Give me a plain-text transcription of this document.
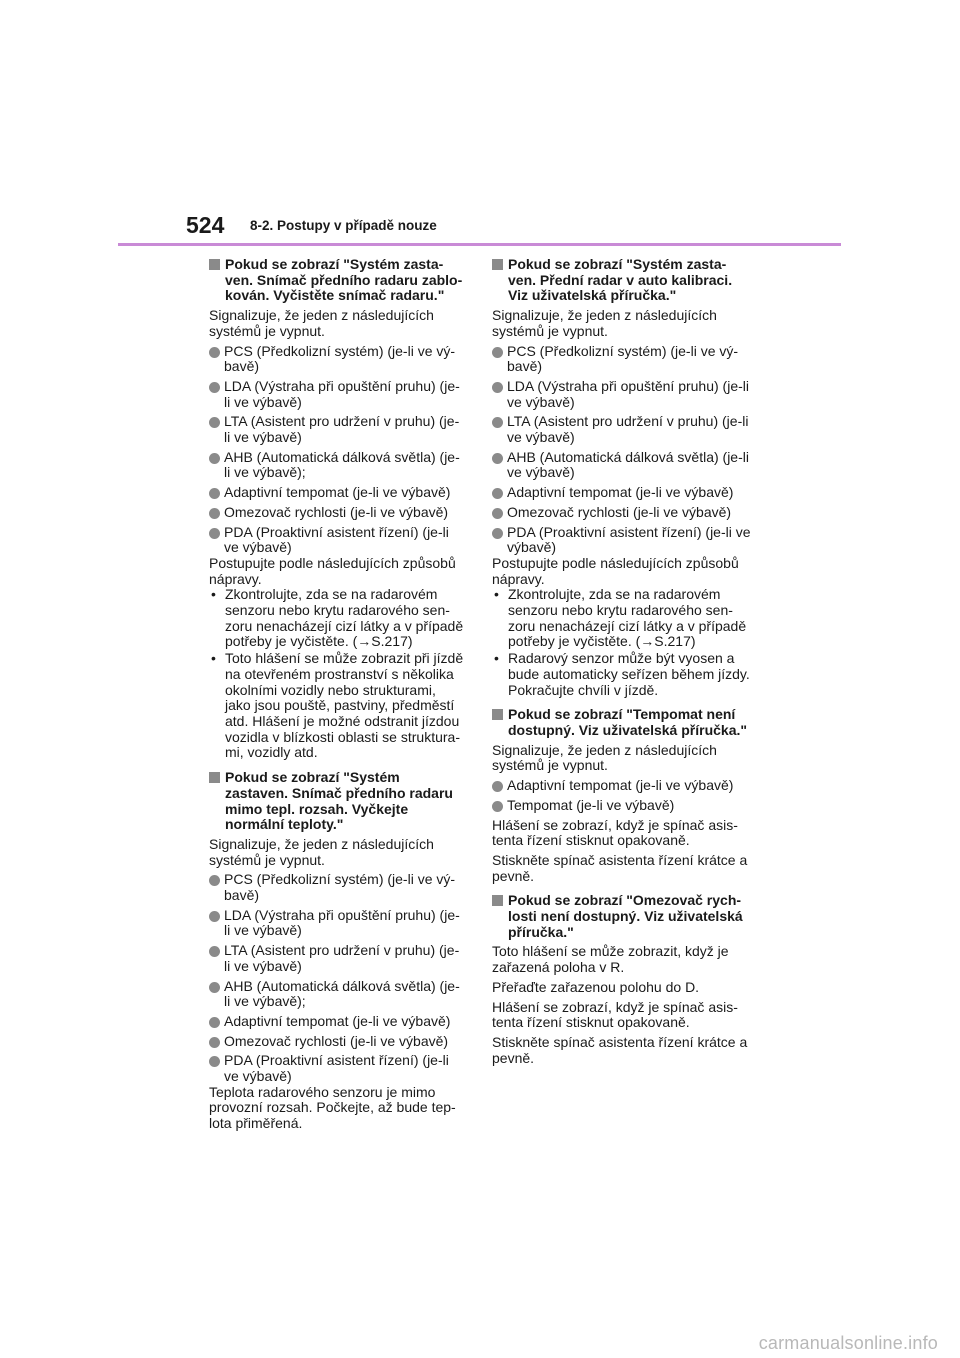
524 8-2. Postupy v případě nouze
Pokud se zobrazí "Systém zasta-ven. Snímač předního radaru zablo-kován. Vyčistěte snímač radaru."
Signalizuje, že jeden z následujících systémů je vypnut.
PCS (Předkolizní systém) (je-li ve vý-bavě)
LDA (Výstraha při opuštění pruhu) (je-li ve výbavě)
LTA (Asistent pro udržení v pruhu) (je-li ve výbavě)
AHB (Automatická dálková světla) (je-li ve výbavě);
Adaptivní tempomat (je-li ve výbavě)
Omezovač rychlosti (je-li ve výbavě)
PDA (Proaktivní asistent řízení) (je-li ve výbavě)
Postupujte podle následujících způsobů nápravy.
• Zkontrolujte, zda se na radarovém senzoru nebo krytu radarového sen-zoru nenacházejí cizí látky a v případě potřeby je vyčistěte. (→S.217)
• Toto hlášení se může zobrazit při jízdě na otevřeném prostranství s několika okolními vozidly nebo strukturami, jako jsou pouště, pastviny, předměstí atd. Hlášení je možné odstranit jízdou vozidla v blízkosti oblasti se struktura-mi, vozidly atd.
Pokud se zobrazí "Systém zastaven. Snímač předního radaru mimo tepl. rozsah. Vyčkejte normální teploty."
Signalizuje, že jeden z následujících systémů je vypnut.
PCS (Předkolizní systém) (je-li ve vý-bavě)
LDA (Výstraha při opuštění pruhu) (je-li ve výbavě)
LTA (Asistent pro udržení v pruhu) (je-li ve výbavě)
AHB (Automatická dálková světla) (je-li ve výbavě);
Adaptivní tempomat (je-li ve výbavě)
Omezovač rychlosti (je-li ve výbavě)
PDA (Proaktivní asistent řízení) (je-li ve výbavě)
Teplota radarového senzoru je mimo provozní rozsah. Počkejte, až bude tep-lota přiměřená.
Pokud se zobrazí "Systém zasta-ven. Přední radar v auto kalibraci. Viz uživatelská příručka."
Signalizuje, že jeden z následujících systémů je vypnut.
PCS (Předkolizní systém) (je-li ve vý-bavě)
LDA (Výstraha při opuštění pruhu) (je-li ve výbavě)
LTA (Asistent pro udržení v pruhu) (je-li ve výbavě)
AHB (Automatická dálková světla) (je-li ve výbavě)
Adaptivní tempomat (je-li ve výbavě)
Omezovač rychlosti (je-li ve výbavě)
PDA (Proaktivní asistent řízení) (je-li ve výbavě)
Postupujte podle následujících způsobů nápravy.
• Zkontrolujte, zda se na radarovém senzoru nebo krytu radarového sen-zoru nenacházejí cizí látky a v případě potřeby je vyčistěte. (→S.217)
• Radarový senzor může být vyosen a bude automaticky seřízen během jízdy. Pokračujte chvíli v jízdě.
Pokud se zobrazí "Tempomat není dostupný. Viz uživatelská příručka."
Signalizuje, že jeden z následujících systémů je vypnut.
Adaptivní tempomat (je-li ve výbavě)
Tempomat (je-li ve výbavě)
Hlášení se zobrazí, když je spínač asis-tenta řízení stisknut opakovaně.
Stiskněte spínač asistenta řízení krátce a pevně.
Pokud se zobrazí "Omezovač rych-losti není dostupný. Viz uživatelská příručka."
Toto hlášení se může zobrazit, když je zařazená poloha v R.
Přeřaďte zařazenou polohu do D.
Hlášení se zobrazí, když je spínač asis-tenta řízení stisknut opakovaně.
Stiskněte spínač asistenta řízení krátce a pevně.
carmanualsonline.info
